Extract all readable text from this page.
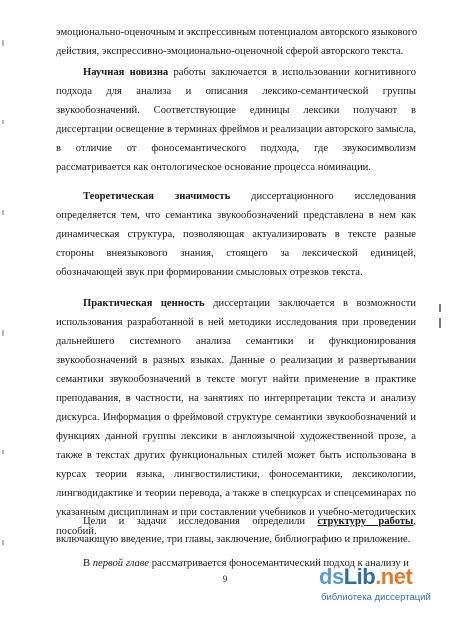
эмоционально-оценочным и экспрессивным потенциалом авторского языкового
действия, экспрессивно-эмоционально-оценочной сферой авторского текста.
Научная новизна работы заключается в использовании когнитивного
подхода для анализа и описания лексико-семантической группы
звукообозначений. Соответствующие единицы лексики получают в
диссертации освещение в терминах фреймов и реализации авторского замысла,
в отличие от фоносемантического подхода, где звукосимволизм
рассматривается как онтологическое основание процесса номинации.
Теоретическая значимость диссертационного исследования
определяется тем, что семантика звукообозначений представлена в нем как
динамическая структура, позволяющая актуализировать в тексте разные
стороны внеязыкового знания, стоящего за лексической единицей,
обозначающей звук при формировании смысловых отрезков текста.
Практическая ценность диссертации заключается в возможности
использования разработанной в ней методики исследования при проведении
дальнейшего системного анализа семантики и функционирования
звукообозначений в разных языках. Данные о реализации и развертывании
семантики звукообозначений в тексте могут найти применение в практике
преподавания, в частности, на занятиях по интерпретации текста и анализу
дискурса. Информация о фреймовой структуре семантики звукообозначений и
функциях данной группы лексики в англоязычной художественной прозе, а
также в текстах других функциональных стилей может быть использована в
курсах теории языка, лингвостилистики, фоносемантики, лексикологии,
лингводидактике и теории перевода, а также в спецкурсах и спецсеминарах по
указанным дисциплинам и при составлении учебников и учебно-методических
пособий.
Цели и задачи исследования определили структуру работы,
включающую введение, три главы, заключение, библиографию и приложение.
В первой главе рассматривается фоносемантический подход к анализу и
9	dsLib.net
библиотека диссертаций
